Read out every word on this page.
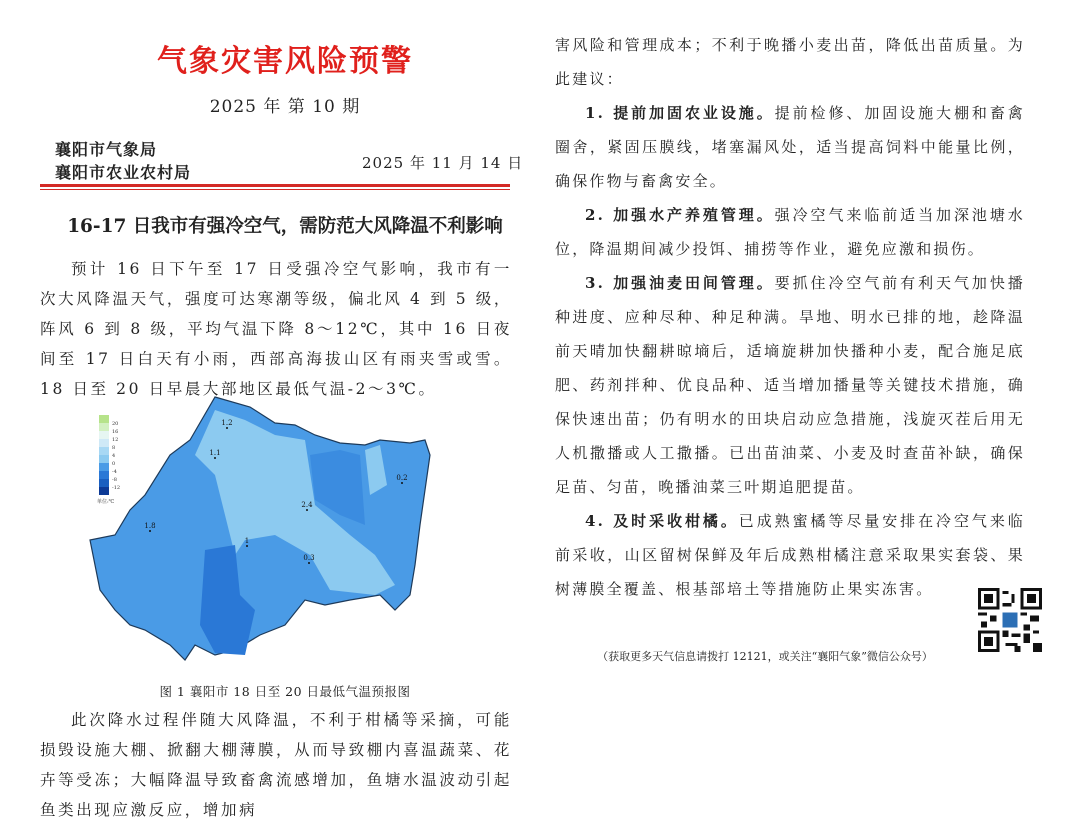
气象灾害风险预警
2025 年 第 10 期
襄阳市气象局
襄阳市农业农村局	2025 年 11 月 14 日
16-17 日我市有强冷空气，需防范大风降温不利影响
预计 16 日下午至 17 日受强冷空气影响，我市有一次大风降温天气，强度可达寒潮等级，偏北风 4 到 5 级，阵风 6 到 8 级，平均气温下降 8～12℃，其中 16 日夜间至 17 日白天有小雨，西部高海拔山区有雨夹雪或雪。18 日至 20 日早晨大部地区最低气温-2～3℃。
20
16
12
8
4
0
-4
-8
-12
单位:℃
1.2
1.1
0.2
2.4
1.8
1
0.3
图 1 襄阳市 18 日至 20 日最低气温预报图
此次降水过程伴随大风降温，不利于柑橘等采摘，可能损毁设施大棚、掀翻大棚薄膜，从而导致棚内喜温蔬菜、花卉等受冻；大幅降温导致畜禽流感增加，鱼塘水温波动引起鱼类出现应激反应，增加病

害风险和管理成本；不利于晚播小麦出苗，降低出苗质量。为此建议：

1. 提前加固农业设施。提前检修、加固设施大棚和畜禽圈舍，紧固压膜线，堵塞漏风处，适当提高饲料中能量比例，确保作物与畜禽安全。

2. 加强水产养殖管理。强冷空气来临前适当加深池塘水位，降温期间减少投饵、捕捞等作业，避免应激和损伤。

3. 加强油麦田间管理。要抓住冷空气前有利天气加快播种进度、应种尽种、种足种满。旱地、明水已排的地，趁降温前天晴加快翻耕晾墒后，适墒旋耕加快播种小麦，配合施足底肥、药剂拌种、优良品种、适当增加播量等关键技术措施，确保快速出苗；仍有明水的田块启动应急措施，浅旋灭茬后用无人机撒播或人工撒播。已出苗油菜、小麦及时查苗补缺，确保足苗、匀苗，晚播油菜三叶期追肥提苗。

4. 及时采收柑橘。已成熟蜜橘等尽量安排在冷空气来临前采收，山区留树保鲜及年后成熟柑橘注意采取果实套袋、果树薄膜全覆盖、根基部培土等措施防止果实冻害。

（获取更多天气信息请拨打 12121，或关注“襄阳气象”微信公众号）
